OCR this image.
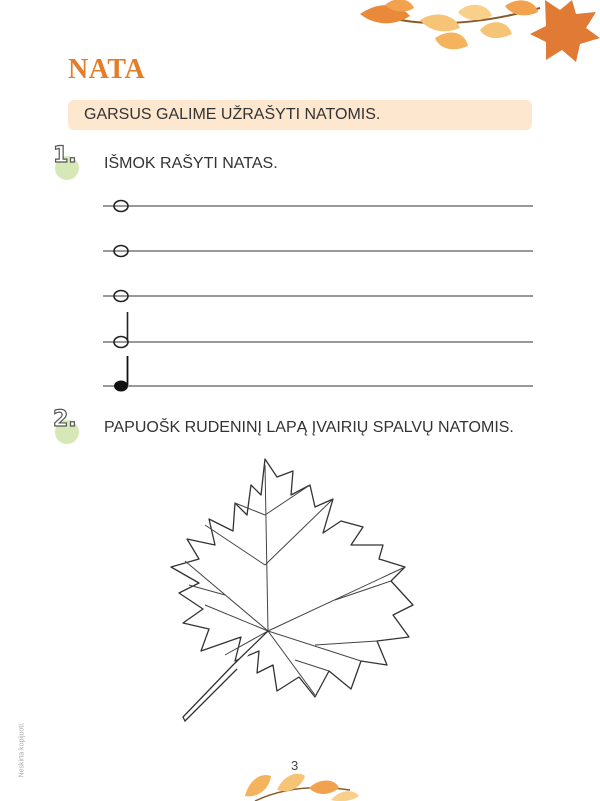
NATA
GARSUS GALIME UŽRAŠYTI NATOMIS.
1. IŠMOK RAŠYTI NATAS.
2. PAPUOŠK RUDENINĮ LAPĄ ĮVAIRIŲ SPALVŲ NATOMIS.
Neskirta kopijuoti.	3
